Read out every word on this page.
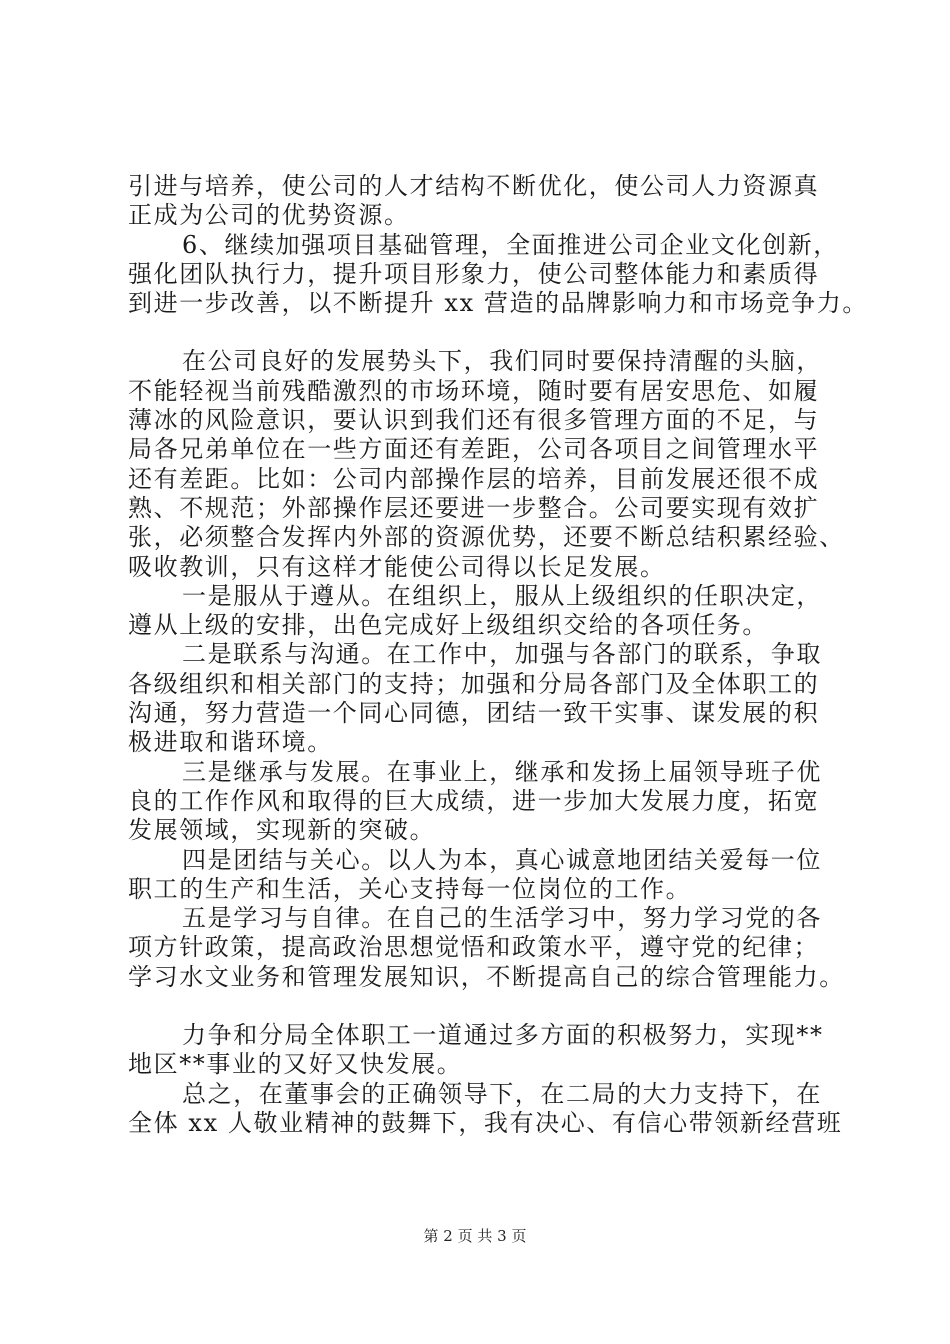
引进与培养，使公司的人才结构不断优化，使公司人力资源真
正成为公司的优势资源。
6、继续加强项目基础管理，全面推进公司企业文化创新，
强化团队执行力，提升项目形象力，使公司整体能力和素质得
到进一步改善，以不断提升 xx 营造的品牌影响力和市场竞争力。
在公司良好的发展势头下，我们同时要保持清醒的头脑，
不能轻视当前残酷激烈的市场环境，随时要有居安思危、如履
薄冰的风险意识，要认识到我们还有很多管理方面的不足，与
局各兄弟单位在一些方面还有差距，公司各项目之间管理水平
还有差距。比如：公司内部操作层的培养，目前发展还很不成
熟、不规范；外部操作层还要进一步整合。公司要实现有效扩
张，必须整合发挥内外部的资源优势，还要不断总结积累经验、
吸收教训，只有这样才能使公司得以长足发展。
一是服从于遵从。在组织上，服从上级组织的任职决定，
遵从上级的安排，出色完成好上级组织交给的各项任务。
二是联系与沟通。在工作中，加强与各部门的联系，争取
各级组织和相关部门的支持；加强和分局各部门及全体职工的
沟通，努力营造一个同心同德，团结一致干实事、谋发展的积
极进取和谐环境。
三是继承与发展。在事业上，继承和发扬上届领导班子优
良的工作作风和取得的巨大成绩，进一步加大发展力度，拓宽
发展领域，实现新的突破。
四是团结与关心。以人为本，真心诚意地团结关爱每一位
职工的生产和生活，关心支持每一位岗位的工作。
五是学习与自律。在自己的生活学习中，努力学习党的各
项方针政策，提高政治思想觉悟和政策水平，遵守党的纪律；
学习水文业务和管理发展知识，不断提高自己的综合管理能力。
力争和分局全体职工一道通过多方面的积极努力，实现**
地区**事业的又好又快发展。
总之，在董事会的正确领导下，在二局的大力支持下，在
全体 xx 人敬业精神的鼓舞下，我有决心、有信心带领新经营班
第 2 页 共 3 页
